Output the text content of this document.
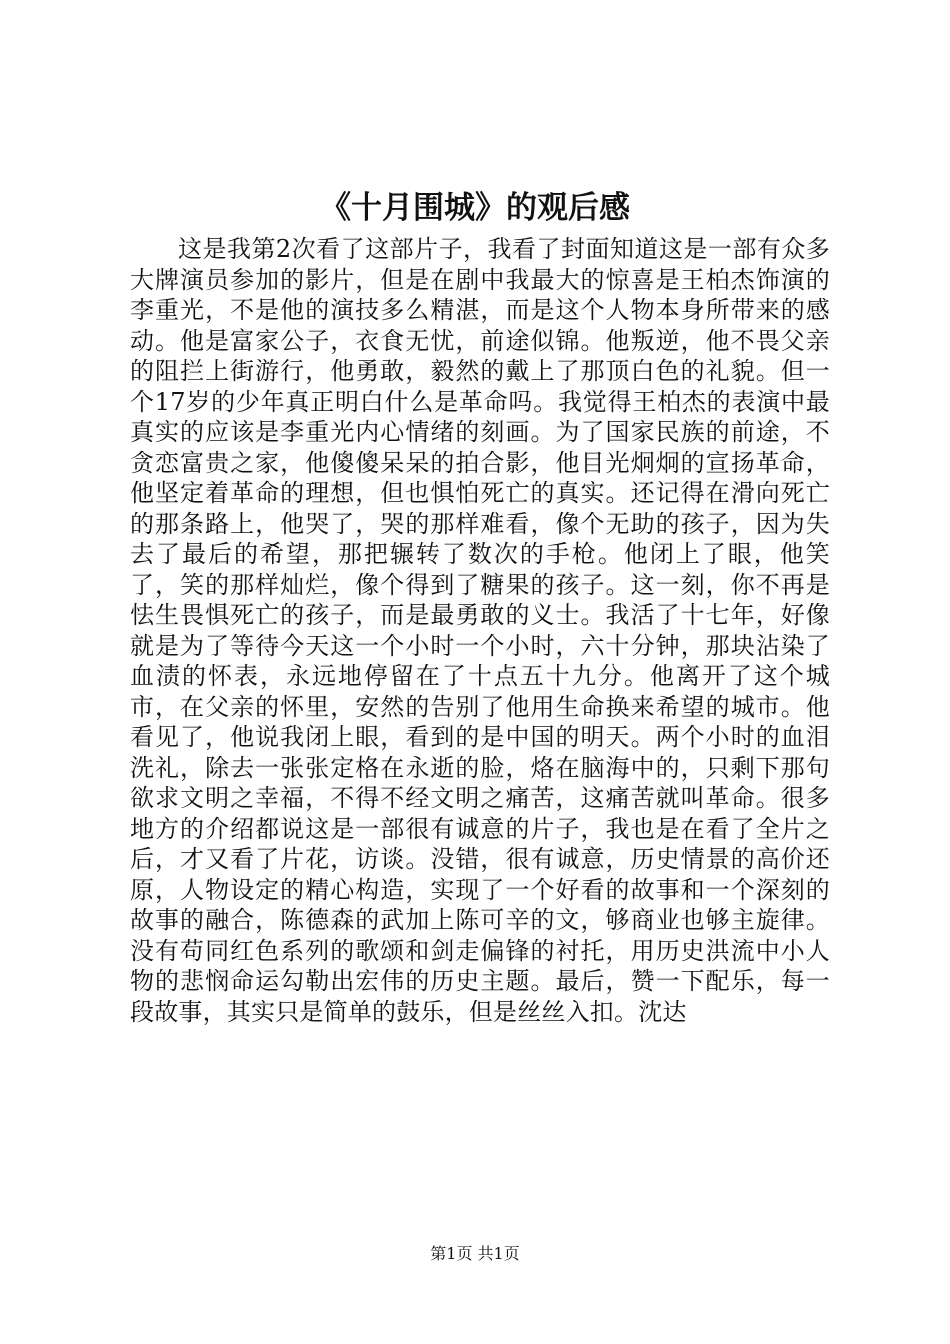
《十月围城》的观后感

这是我第2次看了这部片子，我看了封面知道这是一部有众多大牌演员参加的影片，但是在剧中我最大的惊喜是王柏杰饰演的李重光，不是他的演技多么精湛，而是这个人物本身所带来的感动。他是富家公子，衣食无忧，前途似锦。他叛逆，他不畏父亲的阻拦上街游行，他勇敢，毅然的戴上了那顶白色的礼貌。但一个17岁的少年真正明白什么是革命吗。我觉得王柏杰的表演中最真实的应该是李重光内心情绪的刻画。为了国家民族的前途，不贪恋富贵之家，他傻傻呆呆的拍合影，他目光炯炯的宣扬革命，他坚定着革命的理想，但也惧怕死亡的真实。还记得在滑向死亡的那条路上，他哭了，哭的那样难看，像个无助的孩子，因为失去了最后的希望，那把辗转了数次的手枪。他闭上了眼，他笑了，笑的那样灿烂，像个得到了糖果的孩子。这一刻，你不再是怯生畏惧死亡的孩子，而是最勇敢的义士。我活了十七年，好像就是为了等待今天这一个小时一个小时，六十分钟，那块沾染了血渍的怀表，永远地停留在了十点五十九分。他离开了这个城市，在父亲的怀里，安然的告别了他用生命换来希望的城市。他看见了，他说我闭上眼，看到的是中国的明天。两个小时的血泪洗礼，除去一张张定格在永逝的脸，烙在脑海中的，只剩下那句欲求文明之幸福，不得不经文明之痛苦，这痛苦就叫革命。很多地方的介绍都说这是一部很有诚意的片子，我也是在看了全片之后，才又看了片花，访谈。没错，很有诚意，历史情景的高价还原，人物设定的精心构造，实现了一个好看的故事和一个深刻的故事的融合，陈德森的武加上陈可辛的文，够商业也够主旋律。没有苟同红色系列的歌颂和剑走偏锋的衬托，用历史洪流中小人物的悲悯命运勾勒出宏伟的历史主题。最后，赞一下配乐，每一段故事，其实只是简单的鼓乐，但是丝丝入扣。沈达

第1页 共1页
